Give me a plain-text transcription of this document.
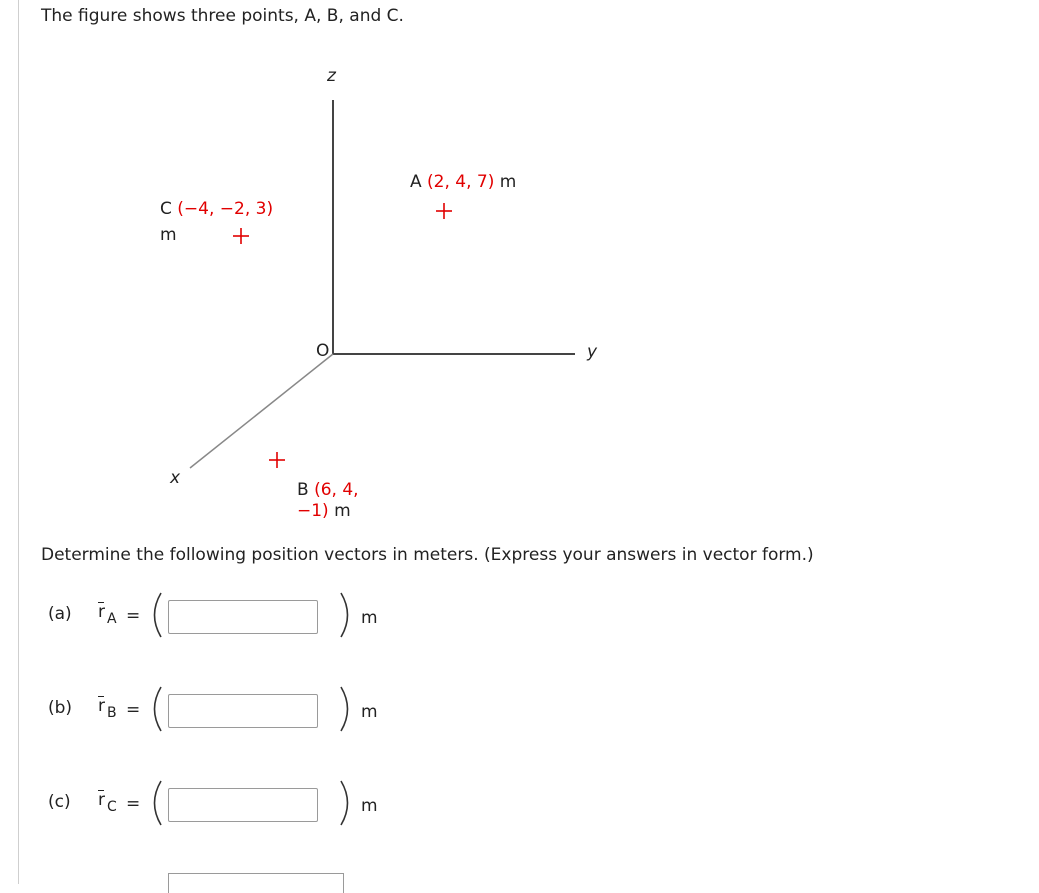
The figure shows three points, A, B, and C.

z
y
x
O
A (2, 4, 7) m
C (−4, −2, 3)
m
B (6, 4,
−1) m

Determine the following position vectors in meters. (Express your answers in vector form.)

(a) r A =	m
(b) r B =	m
(c) r C =	m
